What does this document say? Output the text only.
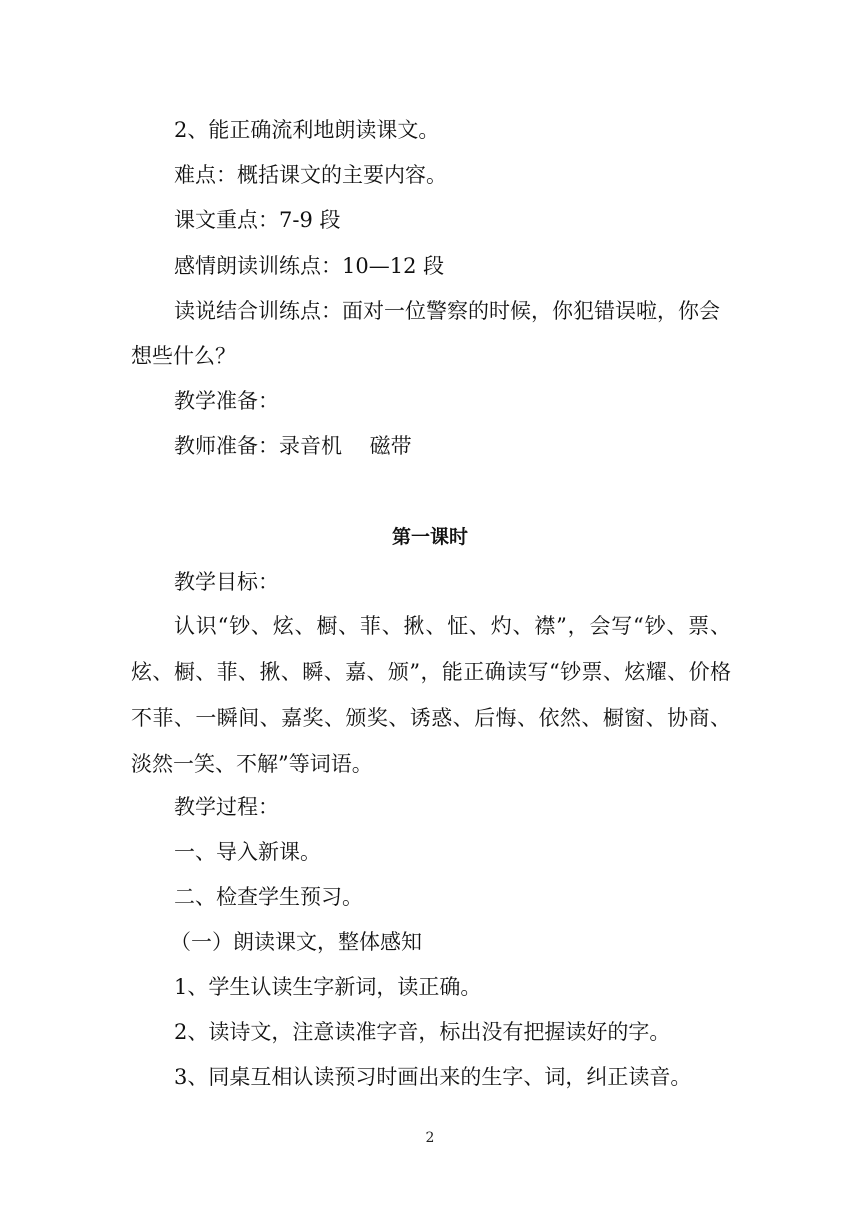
2、能正确流利地朗读课文。
难点：概括课文的主要内容。
课文重点：7-9 段
感情朗读训练点：10—12 段
读说结合训练点：面对一位警察的时候，你犯错误啦，你会
想些什么？
教学准备：
教师准备：录音机　 磁带
第一课时
教学目标：
认识“钞、炫、橱、菲、揪、怔、灼、襟”，会写“钞、票、炫、橱、菲、揪、瞬、嘉、颁”，能正确读写“钞票、炫耀、价格不菲、一瞬间、嘉奖、颁奖、诱惑、后悔、依然、橱窗、协商、淡然一笑、不解”等词语。
教学过程：
一、导入新课。
二、检查学生预习。
（一）朗读课文，整体感知
1、学生认读生字新词，读正确。
2、读诗文，注意读准字音，标出没有把握读好的字。
3、同桌互相认读预习时画出来的生字、词，纠正读音。
2
